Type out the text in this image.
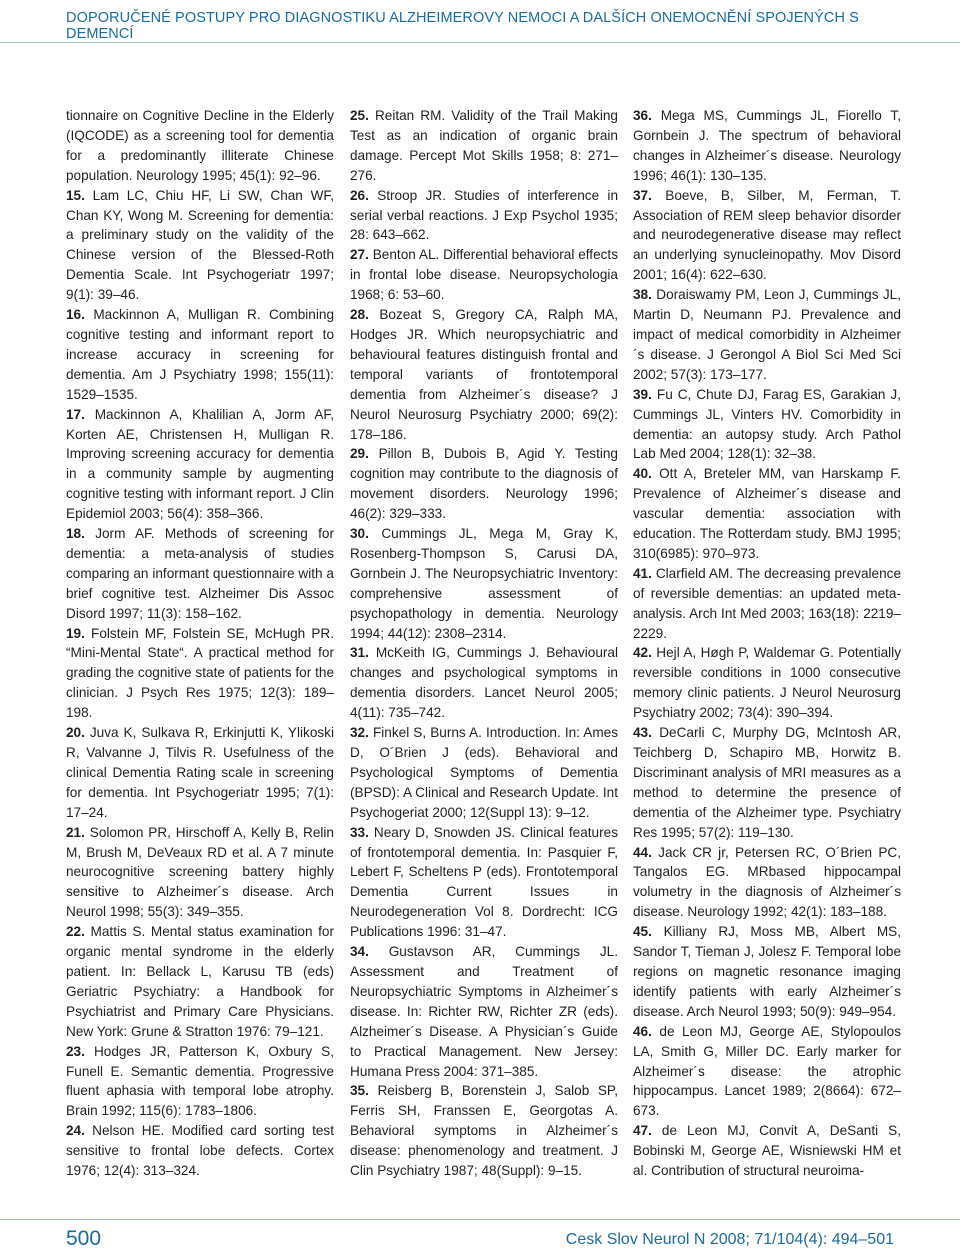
DOPORUČENÉ POSTUPY PRO DIAGNOSTIKU ALZHEIMEROVY NEMOCI A DALŠÍCH ONEMOCNĚNÍ SPOJENÝCH S DEMENCÍ

tionnaire on Cognitive Decline in the Elderly (IQCODE) as a screening tool for dementia for a predominantly illiterate Chinese population. Neurology 1995; 45(1): 92–96.

15. Lam LC, Chiu HF, Li SW, Chan WF, Chan KY, Wong M. Screening for dementia: a preliminary study on the validity of the Chinese version of the Blessed-Roth Dementia Scale. Int Psychogeriatr 1997; 9(1): 39–46.

16. Mackinnon A, Mulligan R. Combining cognitive testing and informant report to increase accuracy in screening for dementia. Am J Psychiatry 1998; 155(11): 1529–1535.

17. Mackinnon A, Khalilian A, Jorm AF, Korten AE, Christensen H, Mulligan R. Improving screening accuracy for dementia in a community sample by augmenting cognitive testing with informant report. J Clin Epidemiol 2003; 56(4): 358–366.

18. Jorm AF. Methods of screening for dementia: a meta-analysis of studies comparing an informant questionnaire with a brief cognitive test. Alzheimer Dis Assoc Disord 1997; 11(3): 158–162.

19. Folstein MF, Folstein SE, McHugh PR. “Mini-Mental State“. A practical method for grading the cognitive state of patients for the clinician. J Psych Res 1975; 12(3): 189–198.

20. Juva K, Sulkava R, Erkinjutti K, Ylikoski R, Valvanne J, Tilvis R. Usefulness of the clinical Dementia Rating scale in screening for dementia. Int Psychogeriatr 1995; 7(1): 17–24.

21. Solomon PR, Hirschoff A, Kelly B, Relin M, Brush M, DeVeaux RD et al. A 7 minute neurocognitive screening battery highly sensitive to Alzheimer´s disease. Arch Neurol 1998; 55(3): 349–355.

22. Mattis S. Mental status examination for organic mental syndrome in the elderly patient. In: Bellack L, Karusu TB (eds) Geriatric Psychiatry: a Handbook for Psychiatrist and Primary Care Physicians. New York: Grune & Stratton 1976: 79–121.

23. Hodges JR, Patterson K, Oxbury S, Funell E. Semantic dementia. Progressive fluent aphasia with temporal lobe atrophy. Brain 1992; 115(6): 1783–1806.

24. Nelson HE. Modified card sorting test sensitive to frontal lobe defects. Cortex 1976; 12(4): 313–324.

25. Reitan RM. Validity of the Trail Making Test as an indication of organic brain damage. Percept Mot Skills 1958; 8: 271–276.

26. Stroop JR. Studies of interference in serial verbal reactions. J Exp Psychol 1935; 28: 643–662.

27. Benton AL. Differential behavioral effects in frontal lobe disease. Neuropsychologia 1968; 6: 53–60.

28. Bozeat S, Gregory CA, Ralph MA, Hodges JR. Which neuropsychiatric and behavioural features distinguish frontal and temporal variants of frontotemporal dementia from Alzheimer´s disease? J Neurol Neurosurg Psychiatry 2000; 69(2): 178–186.

29. Pillon B, Dubois B, Agid Y. Testing cognition may contribute to the diagnosis of movement disorders. Neurology 1996; 46(2): 329–333.

30. Cummings JL, Mega M, Gray K, Rosenberg-Thompson S, Carusi DA, Gornbein J. The Neuropsychiatric Inventory: comprehensive assessment of psychopathology in dementia. Neurology 1994; 44(12): 2308–2314.

31. McKeith IG, Cummings J. Behavioural changes and psychological symptoms in dementia disorders. Lancet Neurol 2005; 4(11): 735–742.

32. Finkel S, Burns A. Introduction. In: Ames D, O´Brien J (eds). Behavioral and Psychological Symptoms of Dementia (BPSD): A Clinical and Research Update. Int Psychogeriat 2000; 12(Suppl 13): 9–12.

33. Neary D, Snowden JS. Clinical features of frontotemporal dementia. In: Pasquier F, Lebert F, Scheltens P (eds). Frontotemporal Dementia Current Issues in Neurodegeneration Vol 8. Dordrecht: ICG Publications 1996: 31–47.

34. Gustavson AR, Cummings JL. Assessment and Treatment of Neuropsychiatric Symptoms in Alzheimer´s disease. In: Richter RW, Richter ZR (eds). Alzheimer´s Disease. A Physician´s Guide to Practical Management. New Jersey: Humana Press 2004: 371–385.

35. Reisberg B, Borenstein J, Salob SP, Ferris SH, Franssen E, Georgotas A. Behavioral symptoms in Alzheimer´s disease: phenomenology and treatment. J Clin Psychiatry 1987; 48(Suppl): 9–15.

36. Mega MS, Cummings JL, Fiorello T, Gornbein J. The spectrum of behavioral changes in Alzheimer´s disease. Neurology 1996; 46(1): 130–135.

37. Boeve, B, Silber, M, Ferman, T. Association of REM sleep behavior disorder and neurodegenerative disease may reflect an underlying synucleinopathy. Mov Disord 2001; 16(4): 622–630.

38. Doraiswamy PM, Leon J, Cummings JL, Martin D, Neumann PJ. Prevalence and impact of medical comorbidity in Alzheimer´s disease. J Gerongol A Biol Sci Med Sci 2002; 57(3): 173–177.

39. Fu C, Chute DJ, Farag ES, Garakian J, Cummings JL, Vinters HV. Comorbidity in dementia: an autopsy study. Arch Pathol Lab Med 2004; 128(1): 32–38.

40. Ott A, Breteler MM, van Harskamp F. Prevalence of Alzheimer´s disease and vascular dementia: association with education. The Rotterdam study. BMJ 1995; 310(6985): 970–973.

41. Clarfield AM. The decreasing prevalence of reversible dementias: an updated meta-analysis. Arch Int Med 2003; 163(18): 2219–2229.

42. Hejl A, Høgh P, Waldemar G. Potentially reversible conditions in 1000 consecutive memory clinic patients. J Neurol Neurosurg Psychiatry 2002; 73(4): 390–394.

43. DeCarli C, Murphy DG, McIntosh AR, Teichberg D, Schapiro MB, Horwitz B. Discriminant analysis of MRI measures as a method to determine the presence of dementia of the Alzheimer type. Psychiatry Res 1995; 57(2): 119–130.

44. Jack CR jr, Petersen RC, O´Brien PC, Tangalos EG. MRbased hippocampal volumetry in the diagnosis of Alzheimer´s disease. Neurology 1992; 42(1): 183–188.

45. Killiany RJ, Moss MB, Albert MS, Sandor T, Tieman J, Jolesz F. Temporal lobe regions on magnetic resonance imaging identify patients with early Alzheimer´s disease. Arch Neurol 1993; 50(9): 949–954.

46. de Leon MJ, George AE, Stylopoulos LA, Smith G, Miller DC. Early marker for Alzheimer´s disease: the atrophic hippocampus. Lancet 1989; 2(8664): 672–673.

47. de Leon MJ, Convit A, DeSanti S, Bobinski M, George AE, Wisniewski HM et al. Contribution of structural neuroima-

500	Cesk Slov Neurol N 2008; 71/104(4): 494–501
